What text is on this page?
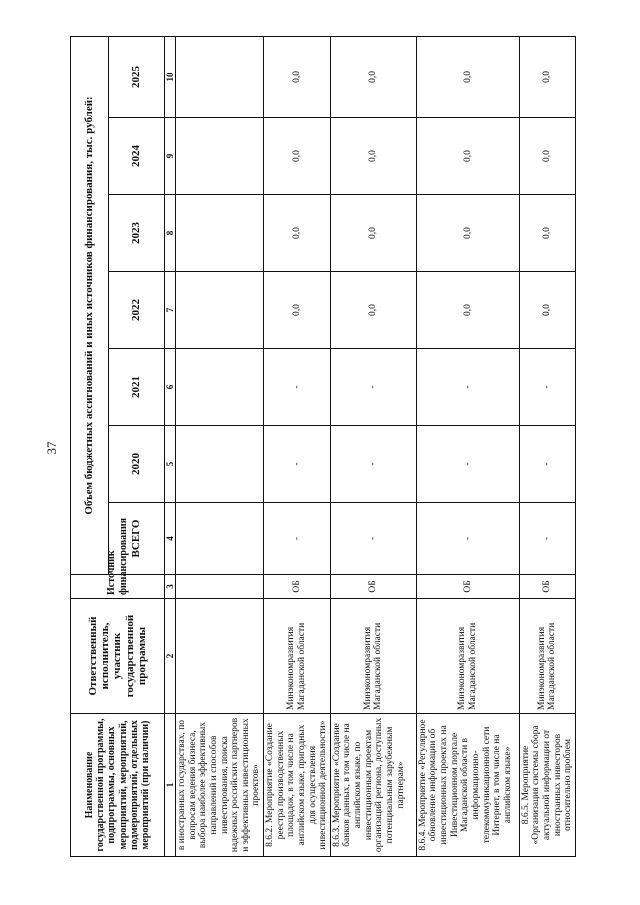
37
Наименование государственной программы, подпрограммы, основных мероприятий, мероприятий, подмероприятий, отдельных мероприятий (при наличии)	Ответственный исполнитель, участник государственной программы	Источник финансирования	Объем бюджетных ассигнований и иных источников финансирования, тыс. рублей:						
			ВСЕГО	2020	2021	2022	2023	2024	2025
1	2	3	4	5	6	7	8	9	10
в иностранных государствах, по вопросам ведения бизнеса, выбора наиболее эффективных направлений и способов инвестирования, поиска надежных российских партнеров и эффективных инвестиционных проектов»									
8.6.2. Мероприятие «Создание реестра производственных площадок, в том числе на английском языке, пригодных для осуществления инвестиционной деятельности»	Минэкономразвития Магаданской области	ОБ	-	-	-	0,0	0,0	0,0	0,0
8.6.3. Мероприятие «Создание банков данных, в том числе на английском языке, по инвестиционным проектам организаций региона, доступных потенциальным зарубежным партнерам»	Минэкономразвития Магаданской области	ОБ	-	-	-	0,0	0,0	0,0	0,0
8.6.4. Мероприятие «Регулярное обновление информации об инвестиционных проектах на Инвестиционном портале Магаданской области в информационно-телекоммуникационной сети Интернет, в том числе на английском языке»	Минэкономразвития Магаданской области	ОБ	-	-	-	0,0	0,0	0,0	0,0
8.6.5. Мероприятие «Организация системы сбора актуальной информации от иностранных инвесторов относительно проблем	Минэкономразвития Магаданской области	ОБ	-	-	-	0,0	0,0	0,0	0,0
